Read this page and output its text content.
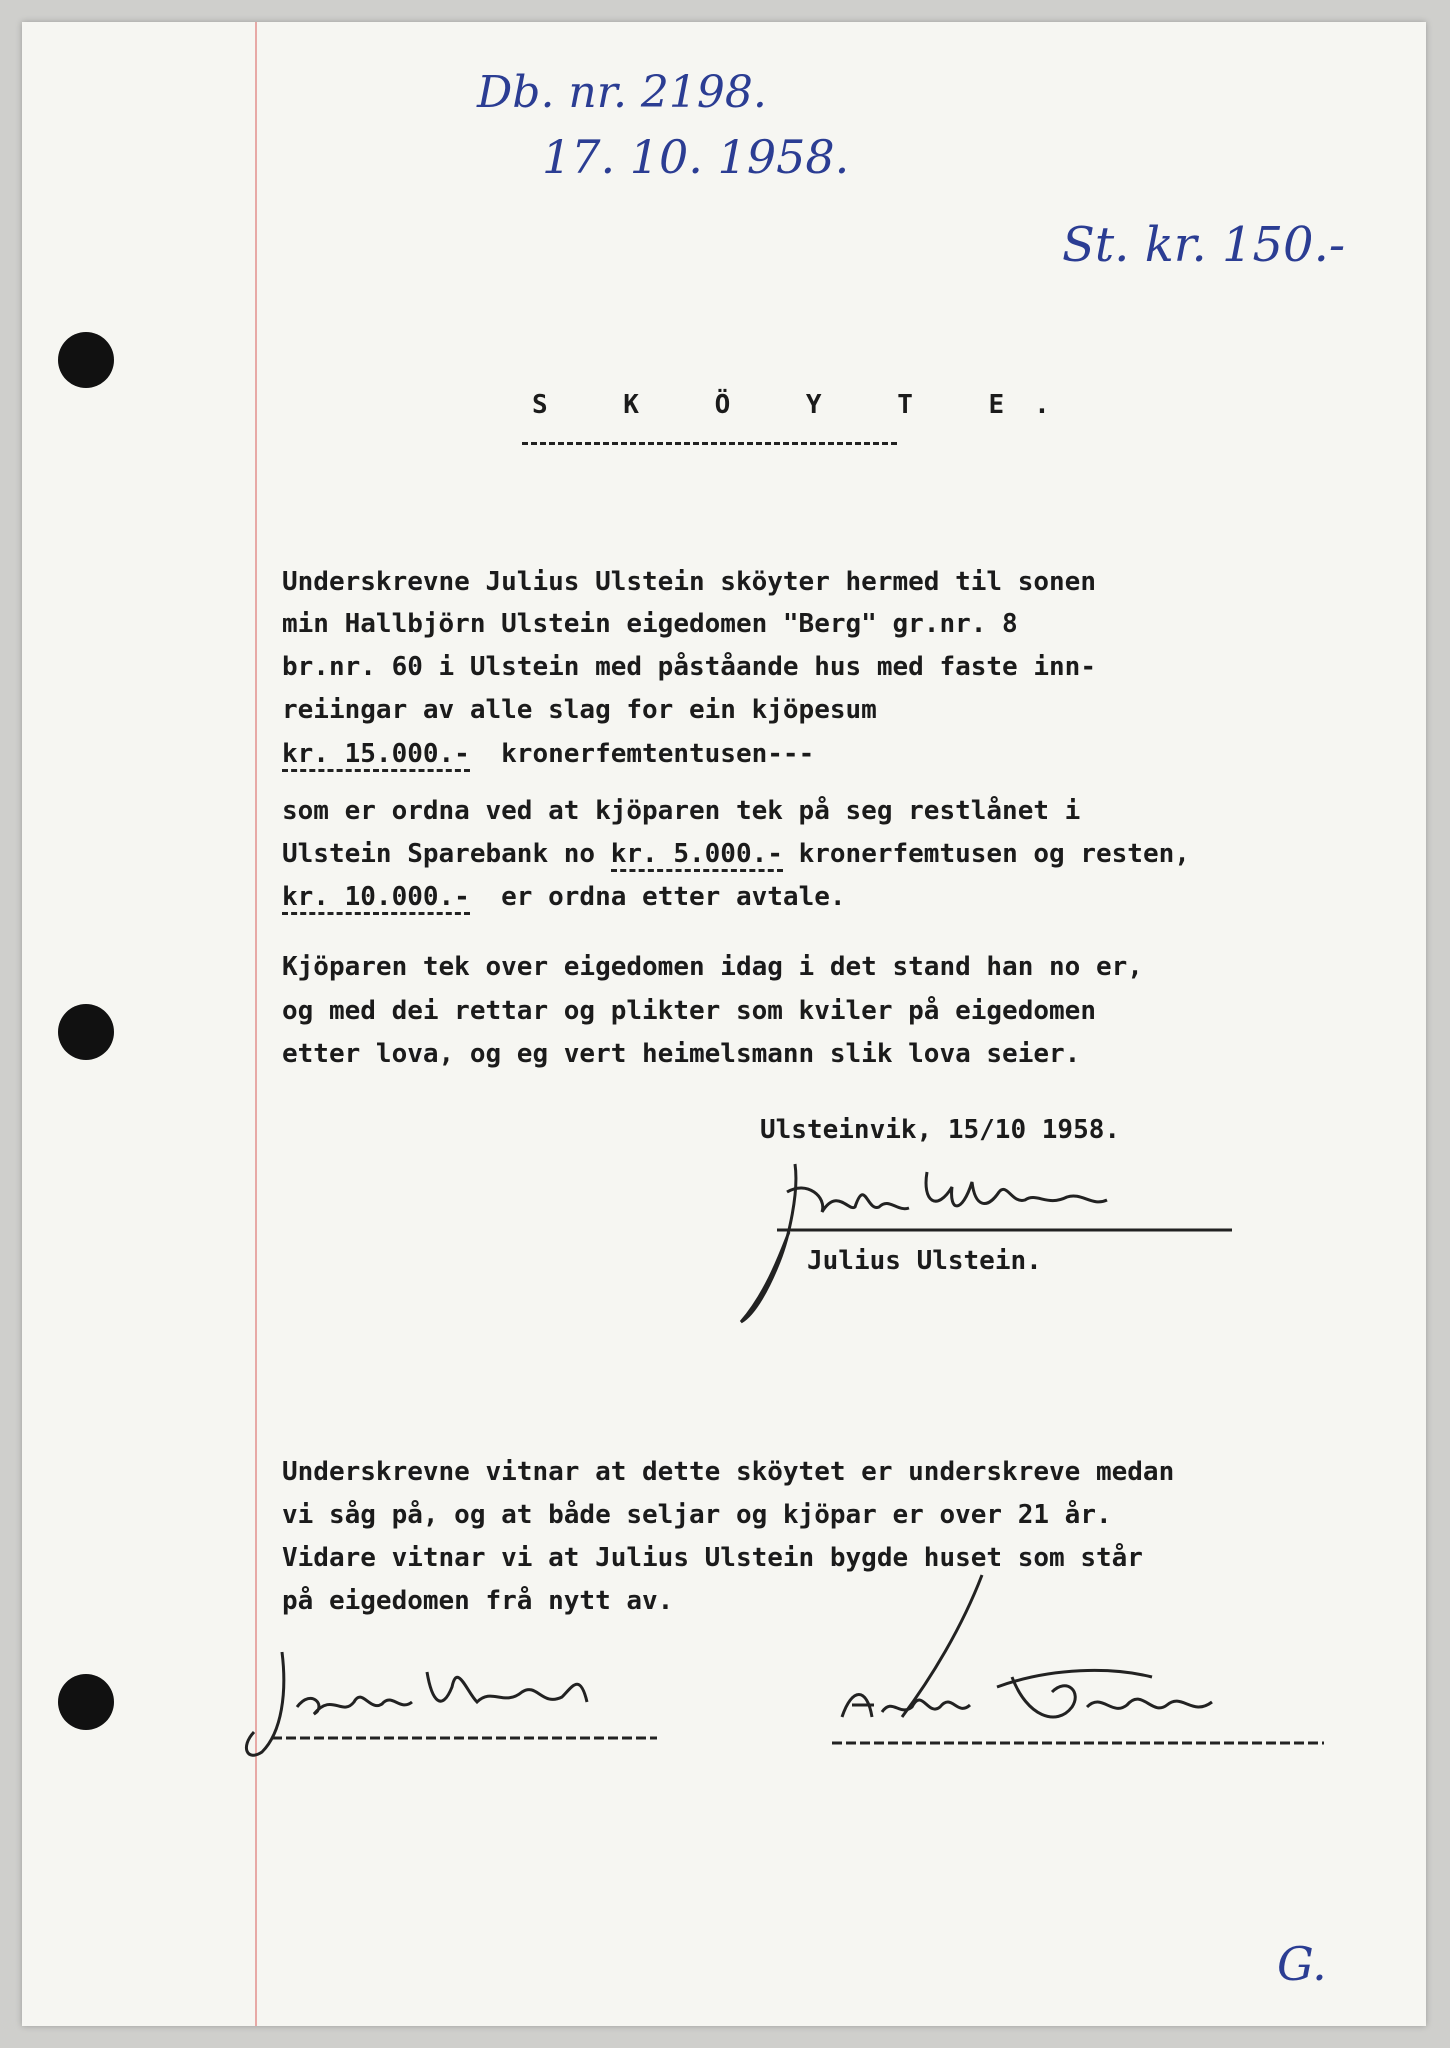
Db. nr. 2198.
17. 10. 1958.
St. kr. 150.-
S K Ö Y T E.
Underskrevne Julius Ulstein sköyter hermed til sonen
min Hallbjörn Ulstein eigedomen "Berg" gr.nr. 8
br.nr. 60 i Ulstein med påståande hus med faste inn-
reiingar av alle slag for ein kjöpesum
kr. 15.000.- kronerfemtentusen---
som er ordna ved at kjöparen tek på seg restlånet i
Ulstein Sparebank no kr. 5.000.- kronerfemtusen og resten,
kr. 10.000.- er ordna etter avtale.
Kjöparen tek over eigedomen idag i det stand han no er,
og med dei rettar og plikter som kviler på eigedomen
etter lova, og eg vert heimelsmann slik lova seier.
Ulsteinvik, 15/10 1958.
Julius Ulstein.
Underskrevne vitnar at dette sköytet er underskreve medan
vi såg på, og at både seljar og kjöpar er over 21 år.
Vidare vitnar vi at Julius Ulstein bygde huset som står
på eigedomen frå nytt av.
G.
